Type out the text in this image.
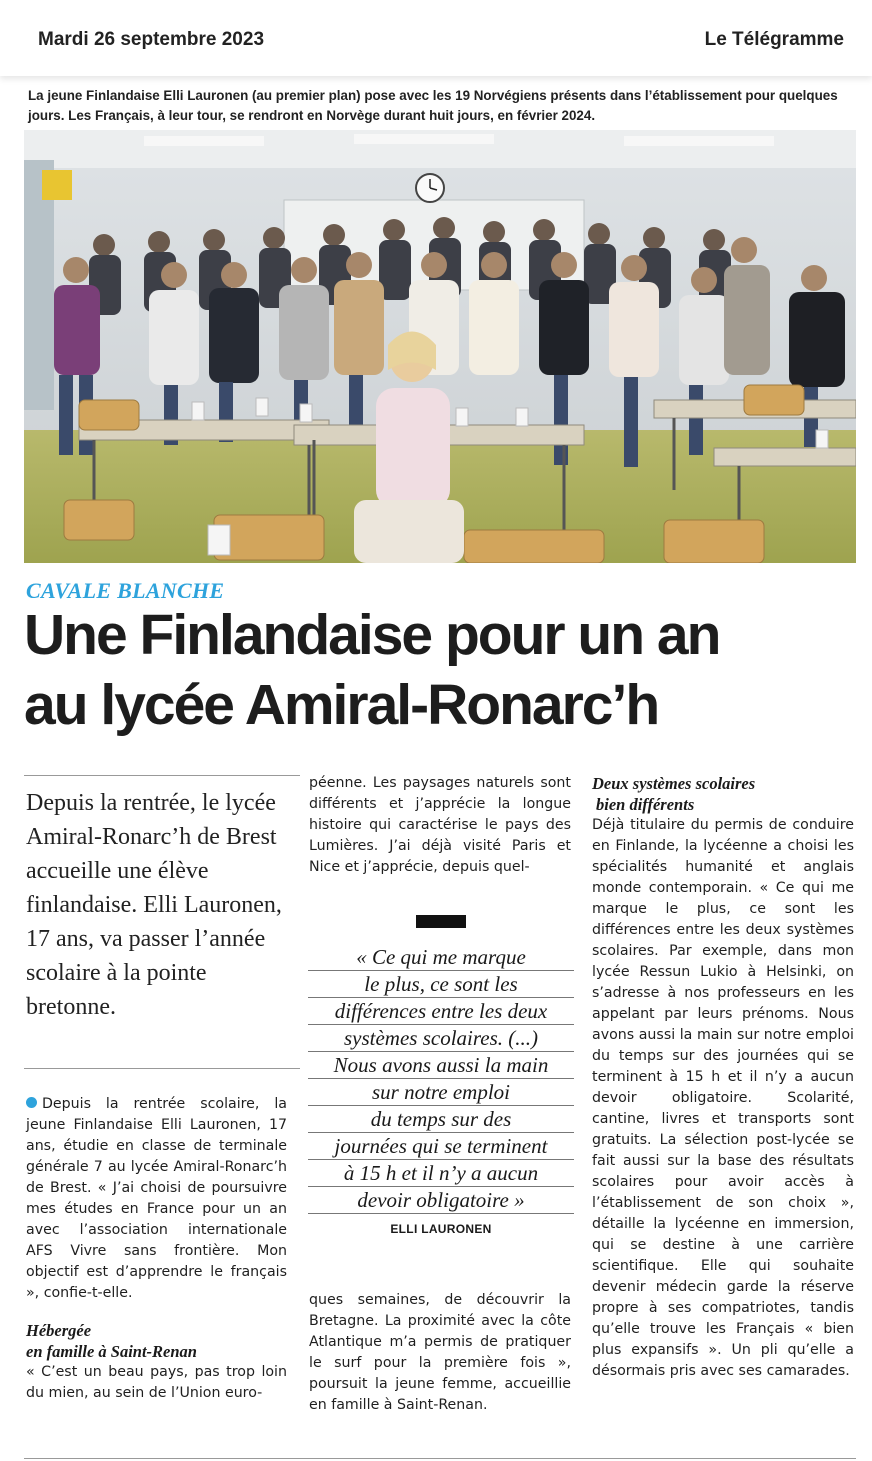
Mardi 26 septembre 2023	Le Télégramme
La jeune Finlandaise Elli Lauronen (au premier plan) pose avec les 19 Norvégiens présents dans l’établissement pour quelques jours. Les Français, à leur tour, se rendront en Norvège durant huit jours, en février 2024.
CAVALE BLANCHE
Une Finlandaise pour un an
au lycée Amiral-Ronarc’h
Depuis la rentrée, le lycée Amiral-Ronarc’h de Brest accueille une élève finlandaise. Elli Lauronen, 17 ans, va passer l’année scolaire à la pointe bretonne.

Depuis la rentrée scolaire, la jeune Finlandaise Elli Lauronen, 17 ans, étudie en classe de terminale générale 7 au lycée Amiral-Ronarc’h de Brest. « J’ai choisi de poursuivre mes études en France pour un an avec l’association internationale AFS Vivre sans frontière. Mon objectif est d’apprendre le français », confie-t-elle.

Hébergée
en famille à Saint-Renan

« C’est un beau pays, pas trop loin du mien, au sein de l’Union euro-

péenne. Les paysages naturels sont différents et j’apprécie la longue histoire qui caractérise le pays des Lumières. J’ai déjà visité Paris et Nice et j’apprécie, depuis quel-

« Ce qui me marque
le plus, ce sont les
différences entre les deux
systèmes scolaires. (...)
Nous avons aussi la main
sur notre emploi
du temps sur des
journées qui se terminent
à 15 h et il n’y a aucun
devoir obligatoire »
ELLI LAURONEN

ques semaines, de découvrir la Bretagne. La proximité avec la côte Atlantique m’a permis de pratiquer le surf pour la première fois », poursuit la jeune femme, accueillie en famille à Saint-Renan.

Deux systèmes scolaires
bien différents

Déjà titulaire du permis de conduire en Finlande, la lycéenne a choisi les spécialités humanité et anglais monde contemporain. « Ce qui me marque le plus, ce sont les différences entre les deux systèmes scolaires. Par exemple, dans mon lycée Ressun Lukio à Helsinki, on s’adresse à nos professeurs en les appelant par leurs prénoms. Nous avons aussi la main sur notre emploi du temps sur des journées qui se terminent à 15 h et il n’y a aucun devoir obligatoire. Scolarité, cantine, livres et transports sont gratuits. La sélection post-lycée se fait aussi sur la base des résultats scolaires pour avoir accès à l’établissement de son choix », détaille la lycéenne en immersion, qui se destine à une carrière scientifique. Elle qui souhaite devenir médecin garde la réserve propre à ses compatriotes, tandis qu’elle trouve les Français « bien plus expansifs ». Un pli qu’elle a désormais pris avec ses camarades.
